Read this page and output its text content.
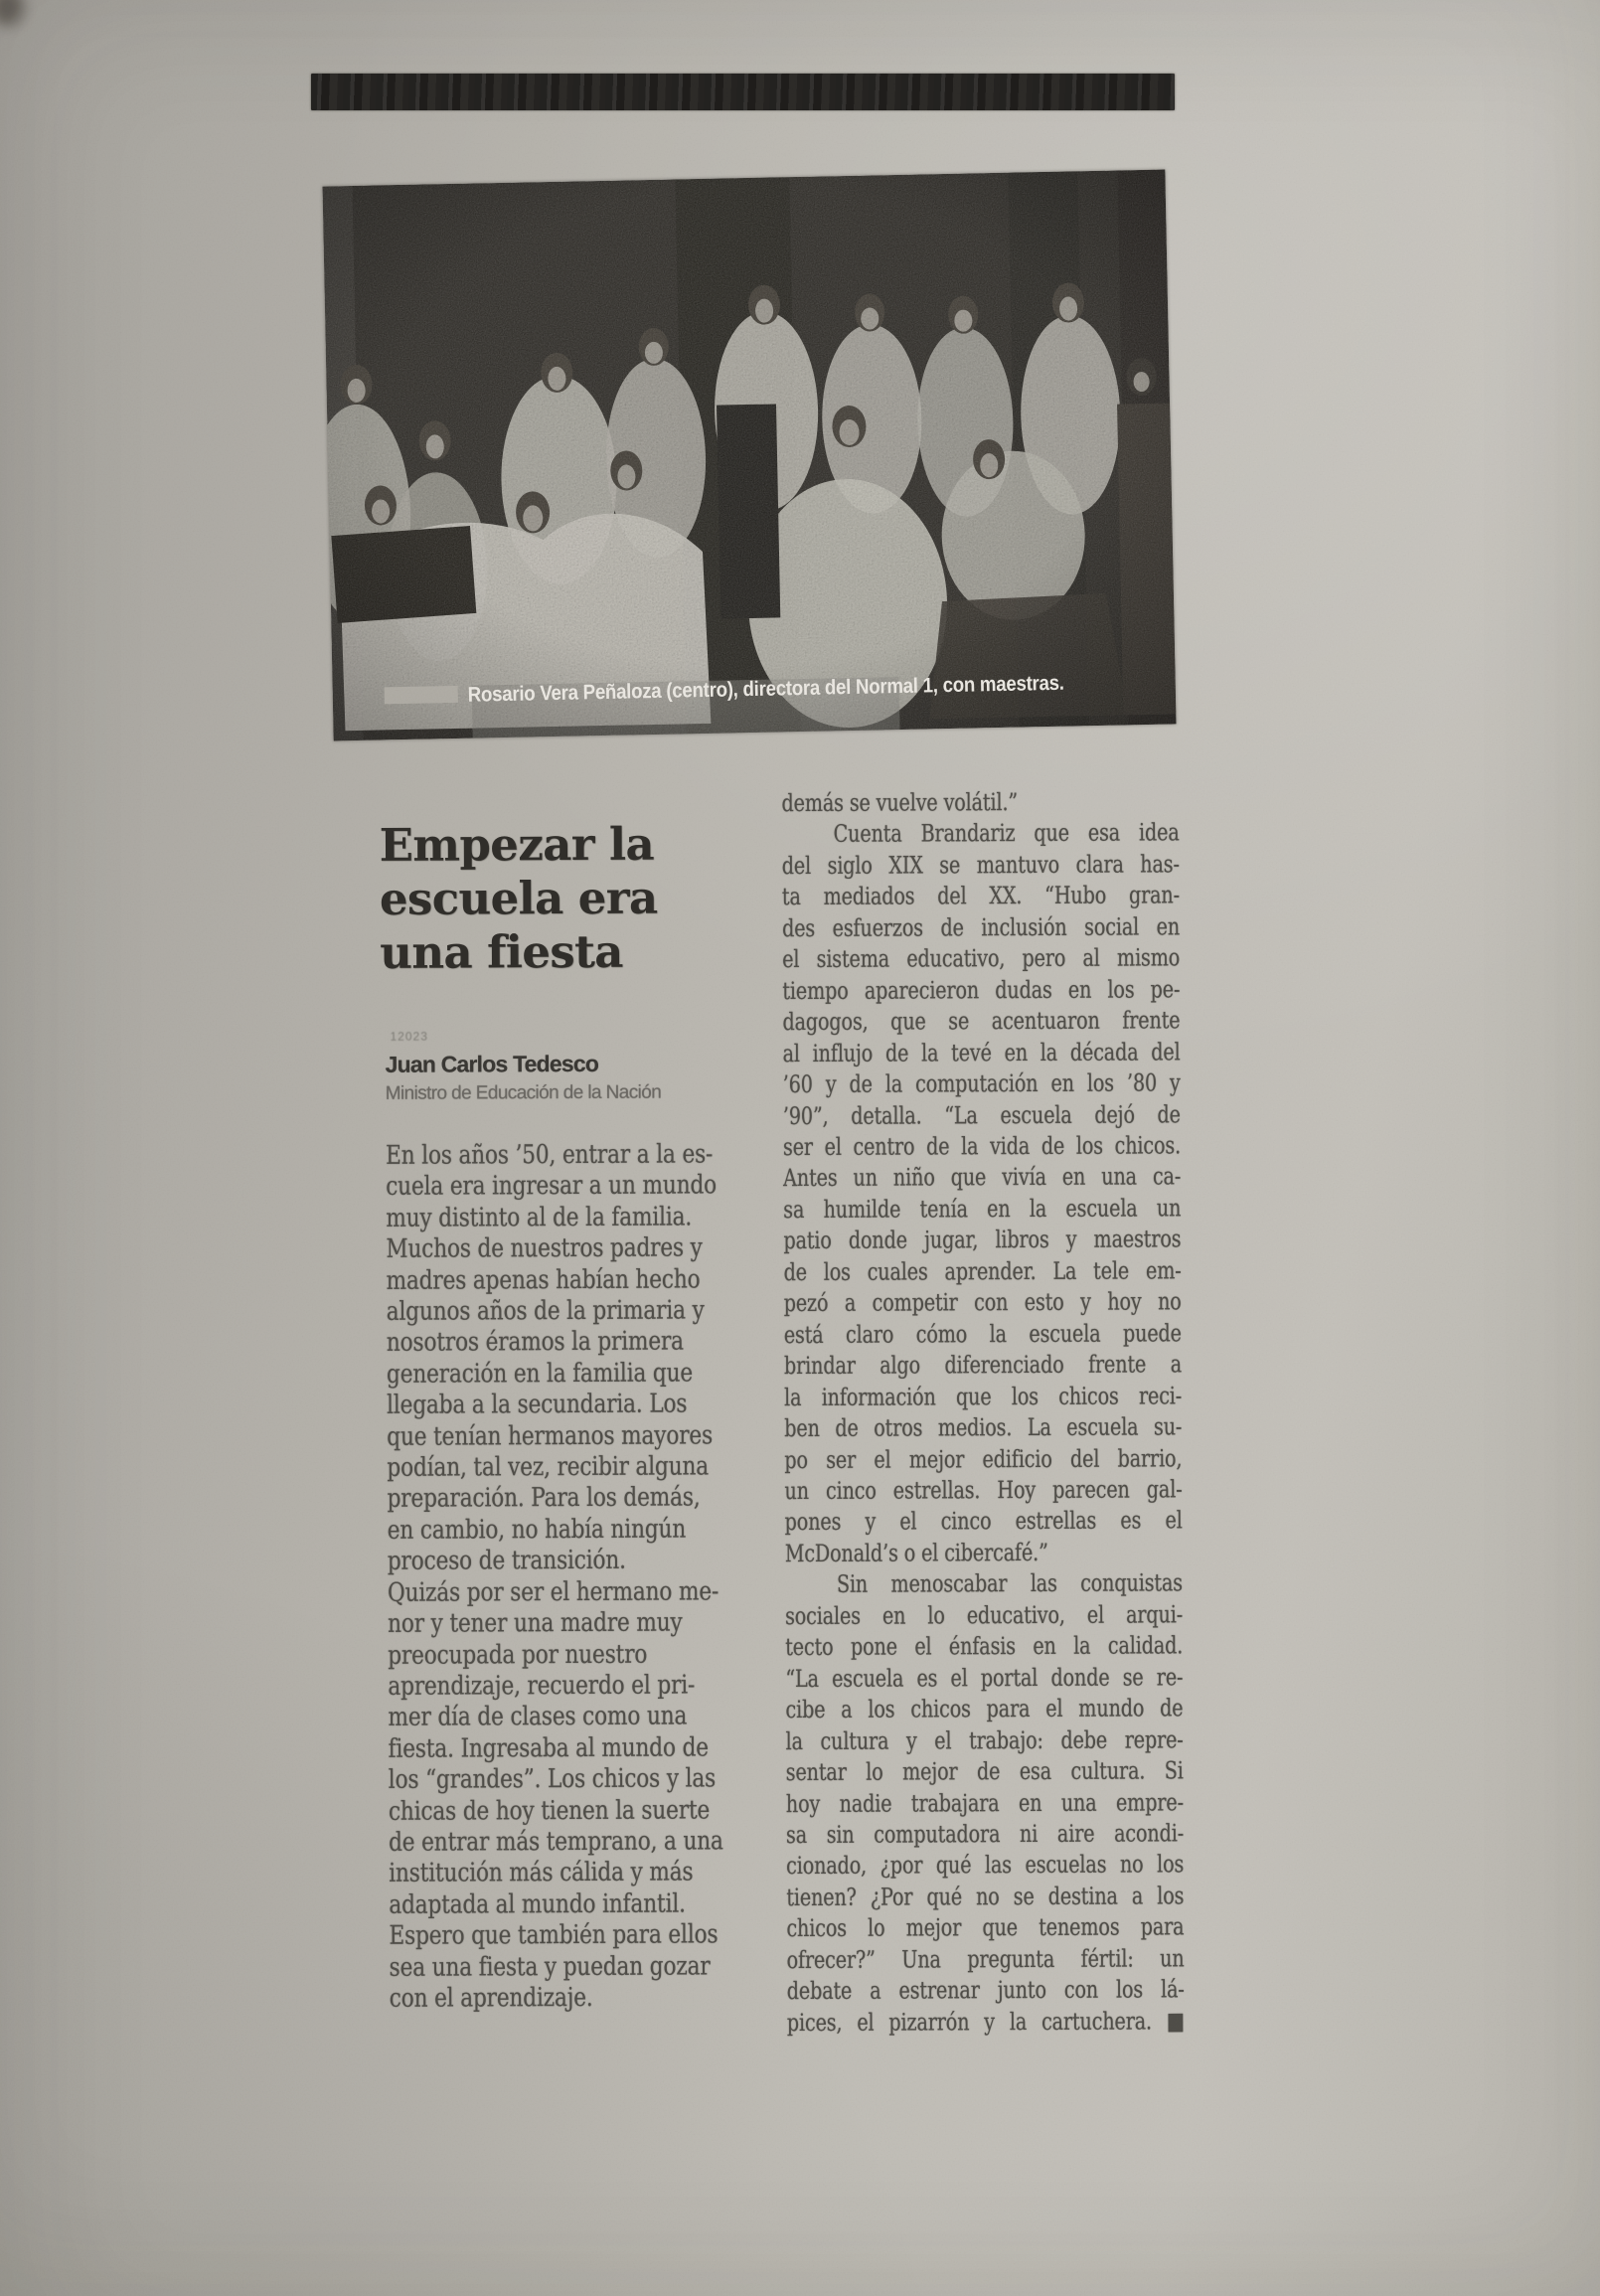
Rosario Vera Peñaloza (centro), directora del Normal 1, con maestras.
Empezar la
escuela era
una fiesta
12023
Juan Carlos Tedesco
Ministro de Educación de la Nación
En los años ’50, entrar a la es-
cuela era ingresar a un mundo
muy distinto al de la familia.
Muchos de nuestros padres y
madres apenas habían hecho
algunos años de la primaria y
nosotros éramos la primera
generación en la familia que
llegaba a la secundaria. Los
que tenían hermanos mayores
podían, tal vez, recibir alguna
preparación. Para los demás,
en cambio, no había ningún
proceso de transición.
Quizás por ser el hermano me-
nor y tener una madre muy
preocupada por nuestro
aprendizaje, recuerdo el pri-
mer día de clases como una
fiesta. Ingresaba al mundo de
los “grandes”. Los chicos y las
chicas de hoy tienen la suerte
de entrar más temprano, a una
institución más cálida y más
adaptada al mundo infantil.
Espero que también para ellos
sea una fiesta y puedan gozar
con el aprendizaje.
demás se vuelve volátil.”
Cuenta Brandariz que esa idea
del siglo XIX se mantuvo clara has-
ta mediados del XX. “Hubo gran-
des esfuerzos de inclusión social en
el sistema educativo, pero al mismo
tiempo aparecieron dudas en los pe-
dagogos, que se acentuaron frente
al influjo de la tevé en la década del
’60 y de la computación en los ’80 y
’90”, detalla. “La escuela dejó de
ser el centro de la vida de los chicos.
Antes un niño que vivía en una ca-
sa humilde tenía en la escuela un
patio donde jugar, libros y maestros
de los cuales aprender. La tele em-
pezó a competir con esto y hoy no
está claro cómo la escuela puede
brindar algo diferenciado frente a
la información que los chicos reci-
ben de otros medios. La escuela su-
po ser el mejor edificio del barrio,
un cinco estrellas. Hoy parecen gal-
pones y el cinco estrellas es el
McDonald’s o el cibercafé.”
Sin menoscabar las conquistas
sociales en lo educativo, el arqui-
tecto pone el énfasis en la calidad.
“La escuela es el portal donde se re-
cibe a los chicos para el mundo de
la cultura y el trabajo: debe repre-
sentar lo mejor de esa cultura. Si
hoy nadie trabajara en una empre-
sa sin computadora ni aire acondi-
cionado, ¿por qué las escuelas no los
tienen? ¿Por qué no se destina a los
chicos lo mejor que tenemos para
ofrecer?” Una pregunta fértil: un
debate a estrenar junto con los lá-
pices, el pizarrón y la cartuchera. ■
